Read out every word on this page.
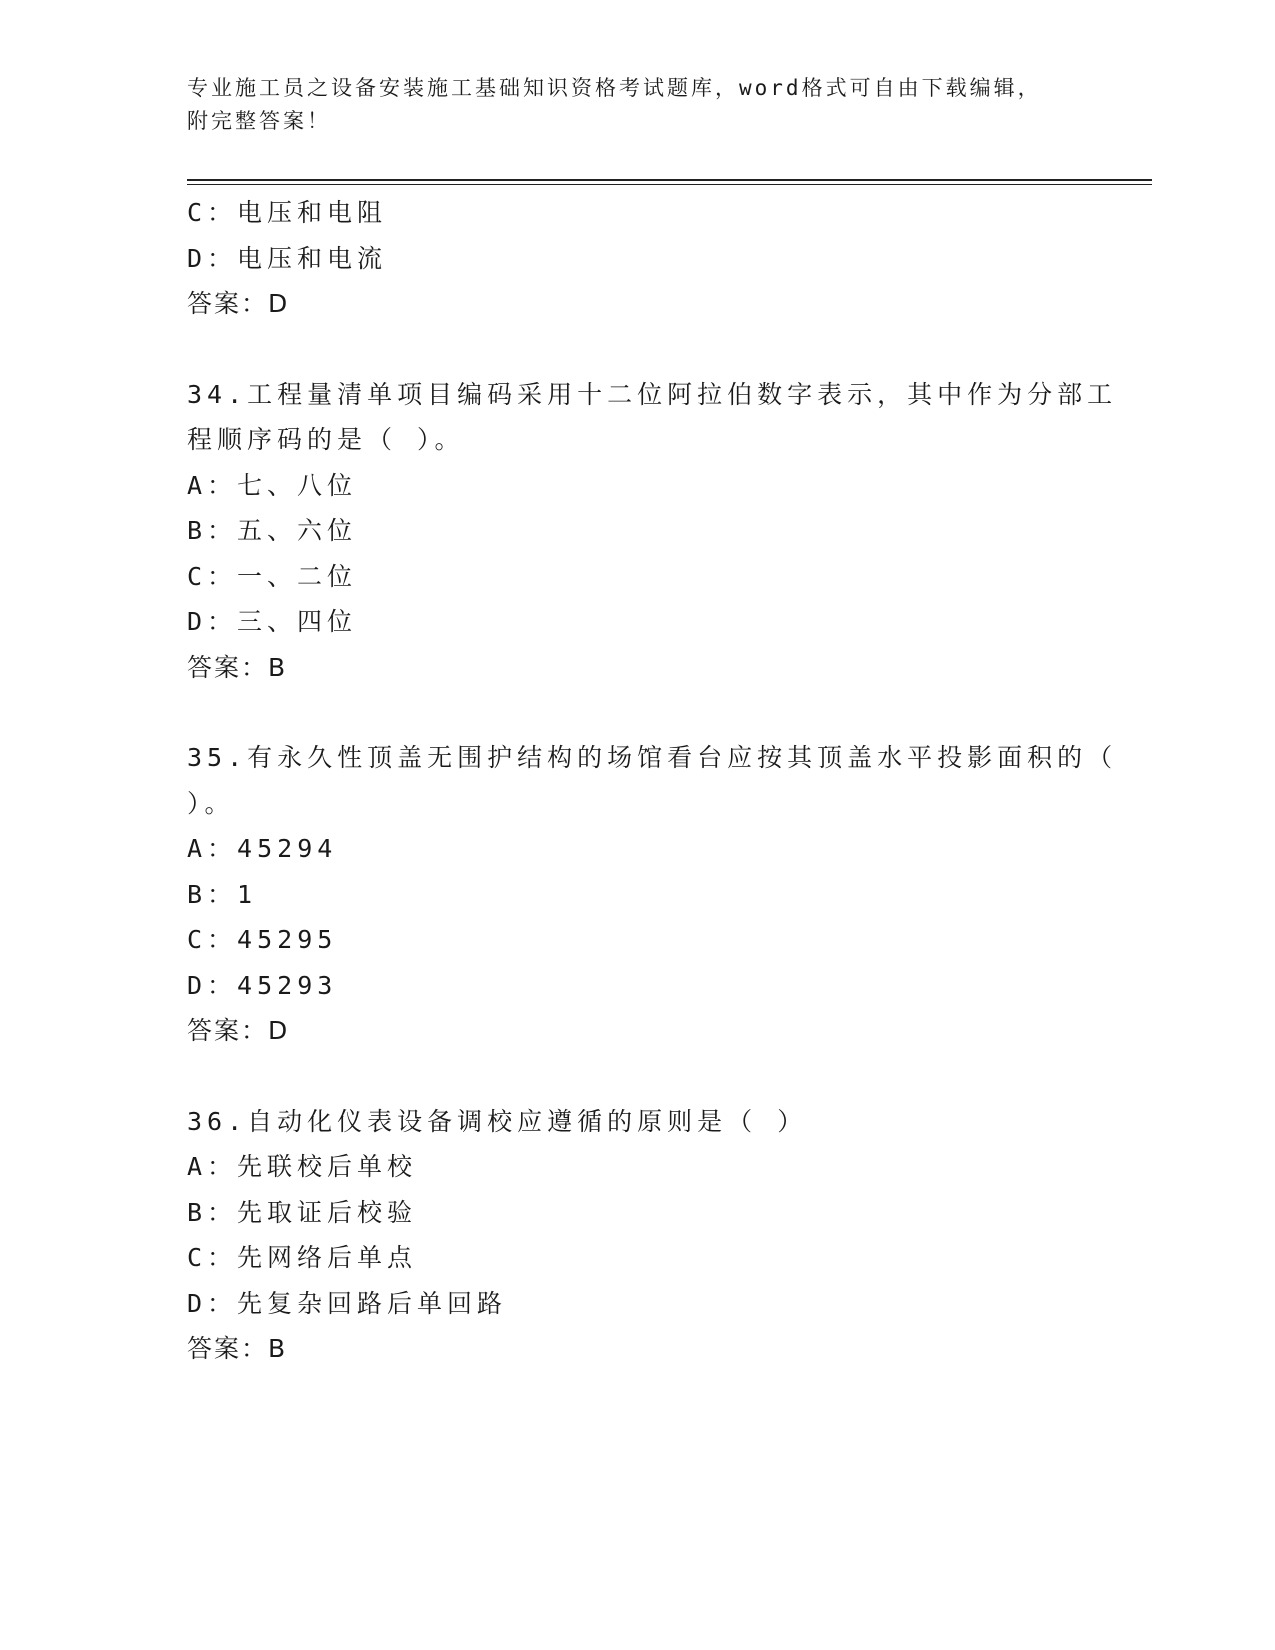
专业施工员之设备安装施工基础知识资格考试题库，word格式可自由下载编辑，
附完整答案！
C：电压和电阻
D：电压和电流
答案：D
34.工程量清单项目编码采用十二位阿拉伯数字表示，其中作为分部工
程顺序码的是（ ）。
A：七、八位
B：五、六位
C：一、二位
D：三、四位
答案：B
35.有永久性顶盖无围护结构的场馆看台应按其顶盖水平投影面积的（
）。
A：45294
B：1
C：45295
D：45293
答案：D
36.自动化仪表设备调校应遵循的原则是（ ）
A：先联校后单校
B：先取证后校验
C：先网络后单点
D：先复杂回路后单回路
答案：B
